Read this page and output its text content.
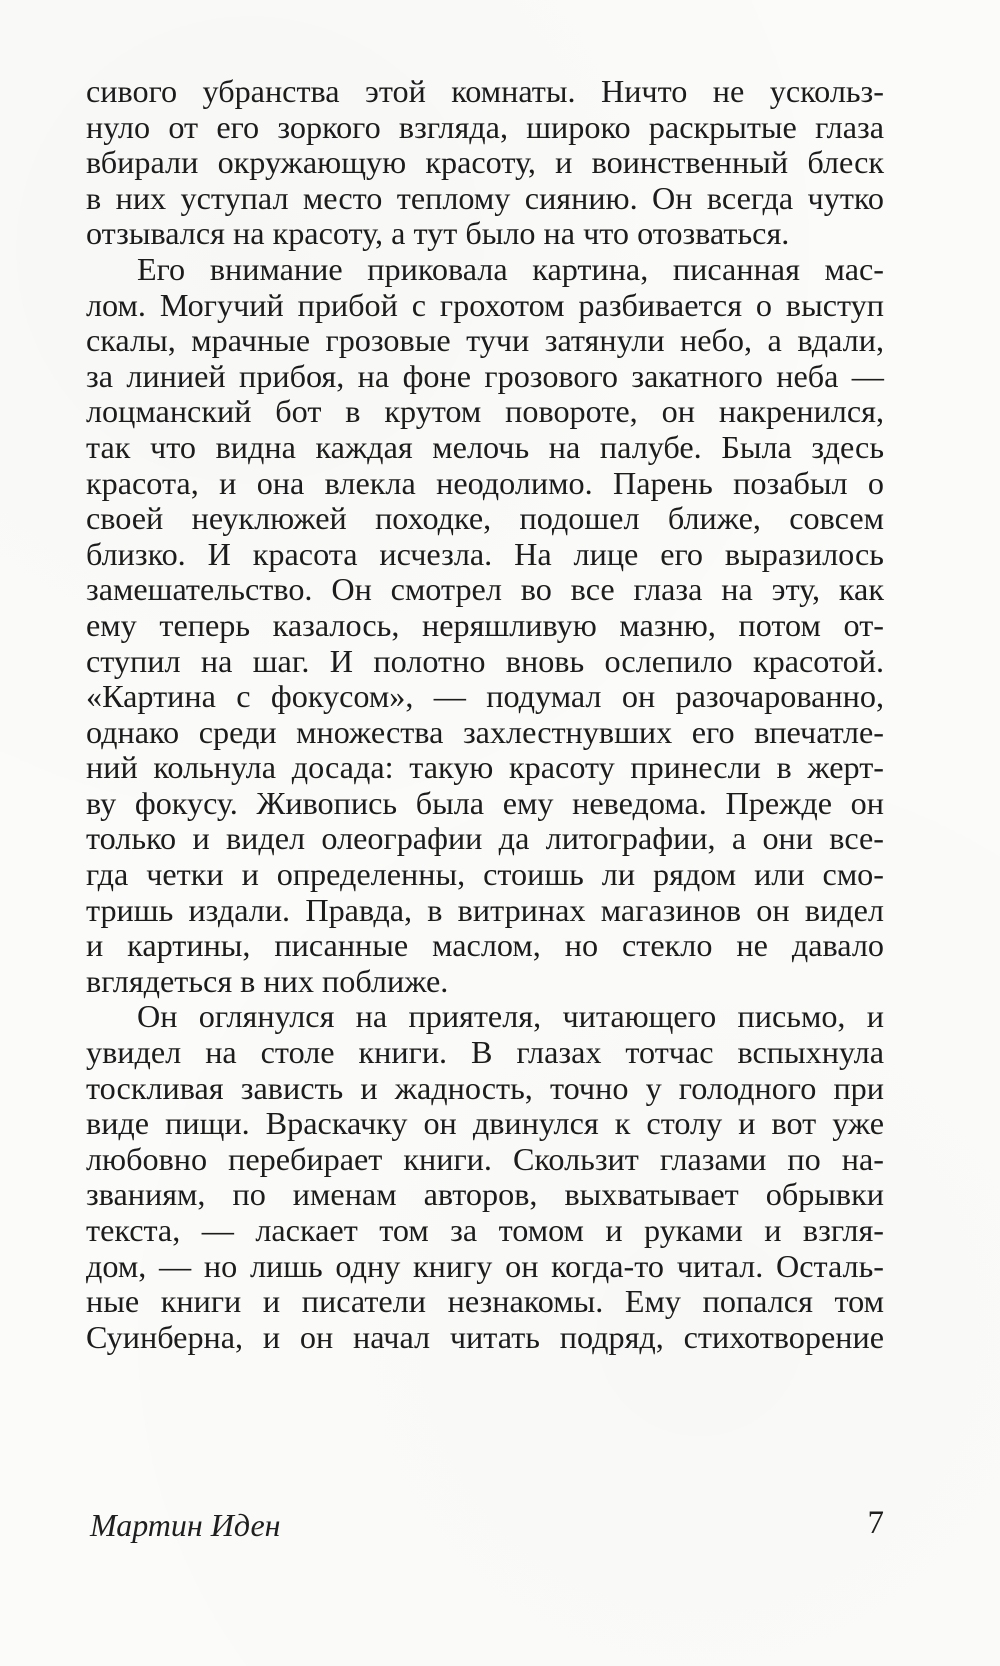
сивого убранства этой комнаты. Ничто не ускольз-
нуло от его зоркого взгляда, широко раскрытые глаза
вбирали окружающую красоту, и воинственный блеск
в них уступал место теплому сиянию. Он всегда чутко
отзывался на красоту, а тут было на что отозваться.
Его внимание приковала картина, писанная мас-
лом. Могучий прибой с грохотом разбивается о выступ
скалы, мрачные грозовые тучи затянули небо, а вдали,
за линией прибоя, на фоне грозового закатного неба —
лоцманский бот в крутом повороте, он накренился,
так что видна каждая мелочь на палубе. Была здесь
красота, и она влекла неодолимо. Парень позабыл о
своей неуклюжей походке, подошел ближе, совсем
близко. И красота исчезла. На лице его выразилось
замешательство. Он смотрел во все глаза на эту, как
ему теперь казалось, неряшливую мазню, потом от-
ступил на шаг. И полотно вновь ослепило красотой.
«Картина с фокусом», — подумал он разочарованно,
однако среди множества захлестнувших его впечатле-
ний кольнула досада: такую красоту принесли в жерт-
ву фокусу. Живопись была ему неведома. Прежде он
только и видел олеографии да литографии, а они все-
гда четки и определенны, стоишь ли рядом или смо-
тришь издали. Правда, в витринах магазинов он видел
и картины, писанные маслом, но стекло не давало
вглядеться в них поближе.
Он оглянулся на приятеля, читающего письмо, и
увидел на столе книги. В глазах тотчас вспыхнула
тоскливая зависть и жадность, точно у голодного при
виде пищи. Враскачку он двинулся к столу и вот уже
любовно перебирает книги. Скользит глазами по на-
званиям, по именам авторов, выхватывает обрывки
текста, — ласкает том за томом и руками и взгля-
дом, — но лишь одну книгу он когда-то читал. Осталь-
ные книги и писатели незнакомы. Ему попался том
Суинберна, и он начал читать подряд, стихотворение
Мартин Иден	7
